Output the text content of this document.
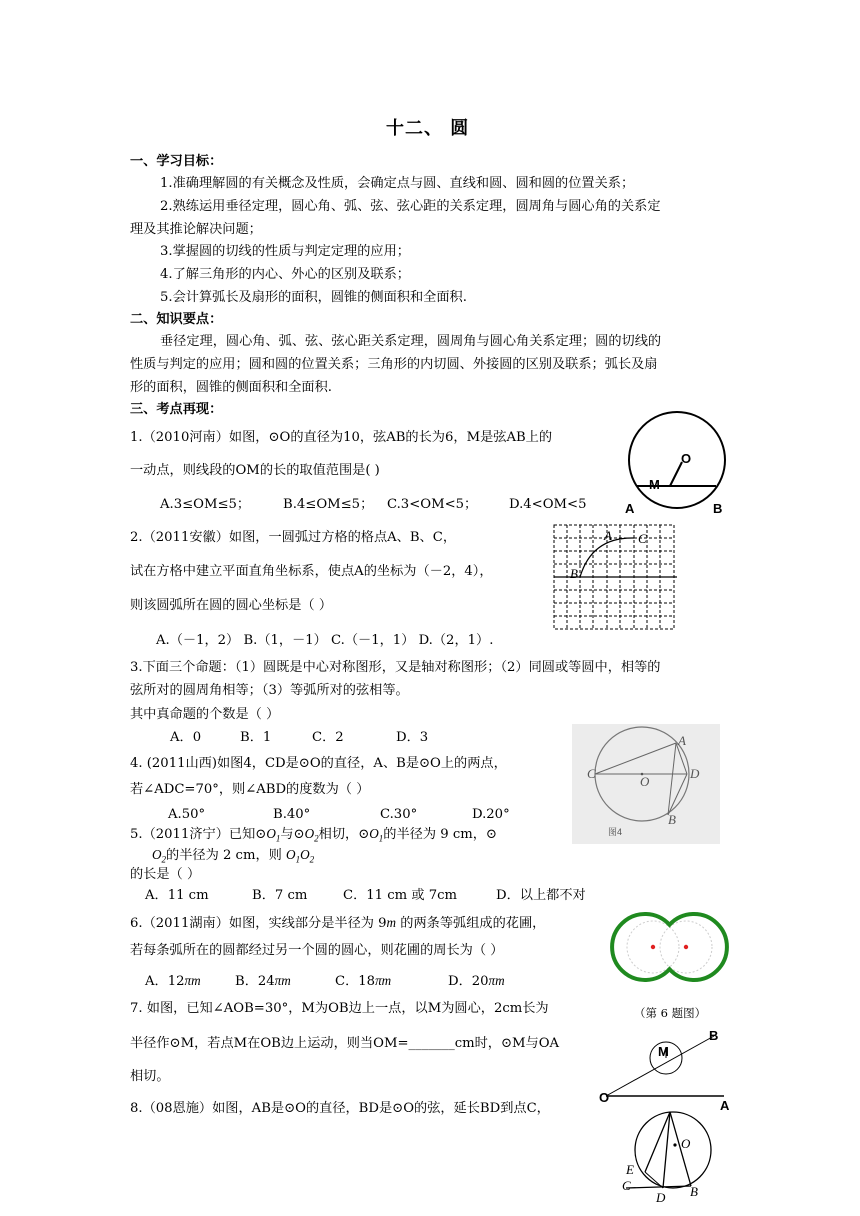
十二、 圆
一、学习目标：
1.准确理解圆的有关概念及性质，会确定点与圆、直线和圆、圆和圆的位置关系；
2.熟练运用垂径定理，圆心角、弧、弦、弦心距的关系定理，圆周角与圆心角的关系定
理及其推论解决问题；
3.掌握圆的切线的性质与判定定理的应用；
4.了解三角形的内心、外心的区别及联系；
5.会计算弧长及扇形的面积，圆锥的侧面积和全面积.
二、知识要点：
垂径定理，圆心角、弧、弦、弦心距关系定理，圆周角与圆心角关系定理；圆的切线的
性质与判定的应用；圆和圆的位置关系；三角形的内切圆、外接圆的区别及联系；弧长及扇
形的面积，圆锥的侧面积和全面积.
三、考点再现：
1.（2010河南）如图，⊙O的直径为10，弦AB的长为6，M是弦AB上的
一动点，则线段的OM的长的取值范围是( )
A.3≤OM≤5； B.4≤OM≤5； C.3<OM<5； D.4<OM<5
O
M
A	B
2.（2011安徽）如图，一圆弧过方格的格点A、B、C，
试在方格中建立平面直角坐标系，使点A的坐标为（－2，4），
则该圆弧所在圆的圆心坐标是（ ）
A.（－1，2） B.（1，－1） C.（－1，1） D.（2，1）.
A C
B
3.下面三个命题：（1）圆既是中心对称图形，又是轴对称图形；（2）同圆或等圆中，相等的
弦所对的圆周角相等；（3）等弧所对的弦相等。
其中真命题的个数是（ ）
A．0	B．1	C．2	D．3
4. (2011山西)如图4，CD是⊙O的直径，A、B是⊙O上的两点，
若∠ADC=70°，则∠ABD的度数为（ ）
A.50°	B.40°	C.30°	D.20°
A
C
O
D
B
图4
5.（2011济宁）已知$⊙O_1$与$⊙O_2$相切，$⊙O_1$的半径为 9 cm，⊙
$O_2$的半径为 2 cm，则 $O_1O_2$
的长是（ ）
A．11 cm	B．7 cm	C．11 cm 或 7cm	D．以上都不对
6.（2011湖南）如图，实线部分是半径为 9m 的两条等弧组成的花圃，
若每条弧所在的圆都经过另一个圆的圆心，则花圃的周长为（ ）
A．12πm	B．24πm	C．18πm	D．20πm
（第 6 题图）
7. 如图，已知∠AOB=30°，M为OB边上一点，以M为圆心，2cm长为
半径作⊙M，若点M在OB边上运动，则当OM=_______cm时，⊙M与OA
相切。
M
B
O
A
8.（08恩施）如图，AB是⊙O的直径，BD是⊙O的弦，延长BD到点C，
O
E
C
D B
